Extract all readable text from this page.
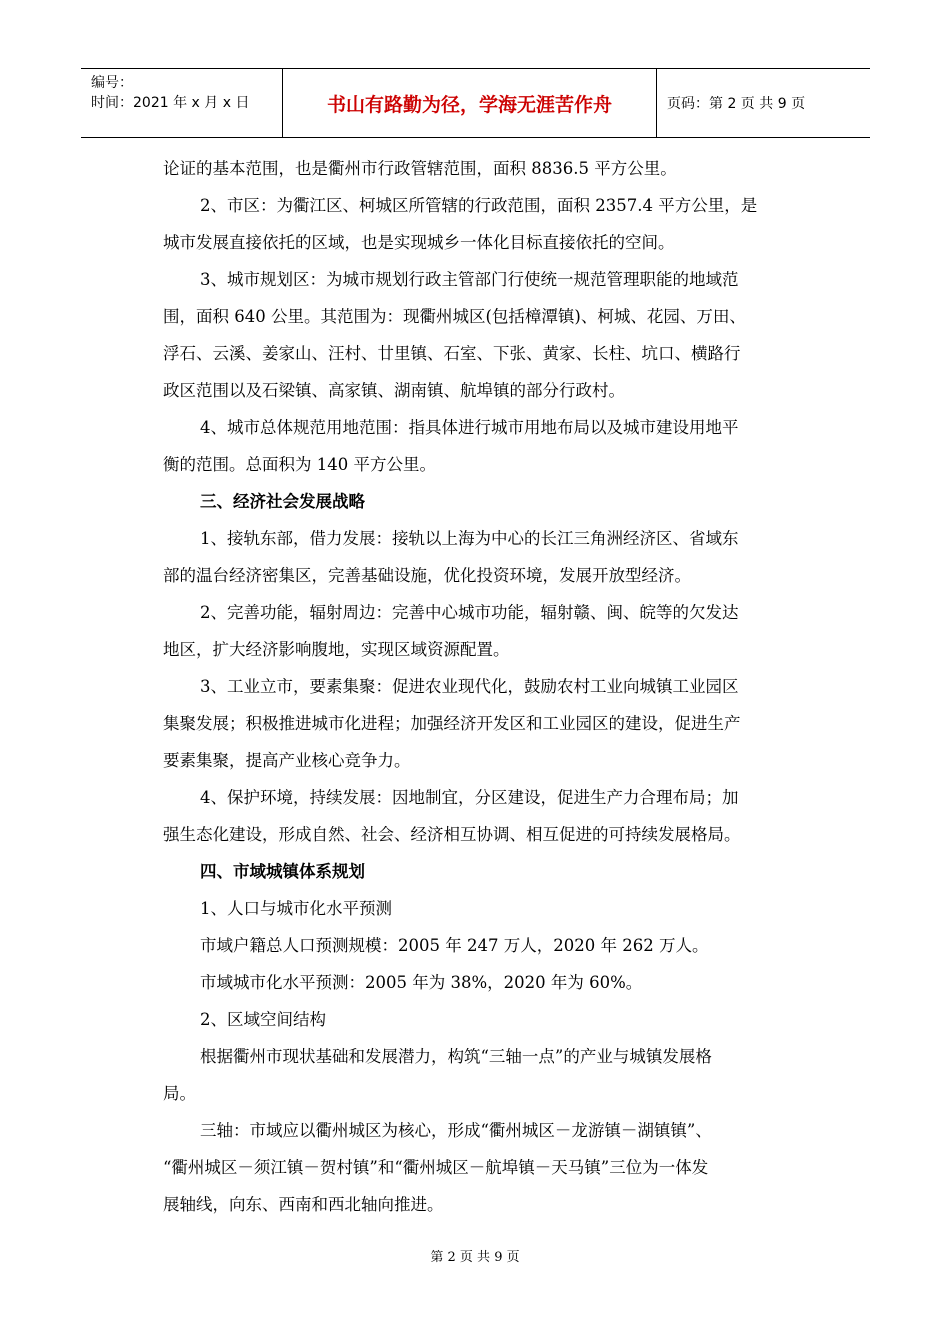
编号：
时间：2021 年 x 月 x 日	书山有路勤为径，学海无涯苦作舟	页码：第 2 页 共 9 页

论证的基本范围，也是衢州市行政管辖范围，面积 8836.5 平方公里。

2、市区：为衢江区、柯城区所管辖的行政范围，面积 2357.4 平方公里，是

城市发展直接依托的区域，也是实现城乡一体化目标直接依托的空间。

3、城市规划区：为城市规划行政主管部门行使统一规范管理职能的地域范

围，面积 640 公里。其范围为：现衢州城区(包括樟潭镇)、柯城、花园、万田、

浮石、云溪、姜家山、汪村、廿里镇、石室、下张、黄家、长柱、坑口、横路行

政区范围以及石梁镇、高家镇、湖南镇、航埠镇的部分行政村。

4、城市总体规范用地范围：指具体进行城市用地布局以及城市建设用地平

衡的范围。总面积为 140 平方公里。

三、经济社会发展战略

1、接轨东部，借力发展：接轨以上海为中心的长江三角洲经济区、省域东

部的温台经济密集区，完善基础设施，优化投资环境，发展开放型经济。

2、完善功能，辐射周边：完善中心城市功能，辐射赣、闽、皖等的欠发达

地区，扩大经济影响腹地，实现区域资源配置。

3、工业立市，要素集聚：促进农业现代化，鼓励农村工业向城镇工业园区

集聚发展；积极推进城市化进程；加强经济开发区和工业园区的建设，促进生产

要素集聚，提高产业核心竞争力。

4、保护环境，持续发展：因地制宜，分区建设，促进生产力合理布局；加

强生态化建设，形成自然、社会、经济相互协调、相互促进的可持续发展格局。

四、市域城镇体系规划

1、人口与城市化水平预测

市域户籍总人口预测规模：2005 年 247 万人，2020 年 262 万人。

市域城市化水平预测：2005 年为 38%，2020 年为 60%。

2、区域空间结构

根据衢州市现状基础和发展潜力，构筑“三轴一点”的产业与城镇发展格

局。

三轴：市域应以衢州城区为核心，形成“衢州城区－龙游镇－湖镇镇”、

“衢州城区－须江镇－贺村镇”和“衢州城区－航埠镇－天马镇”三位为一体发

展轴线，向东、西南和西北轴向推进。

第 2 页 共 9 页
